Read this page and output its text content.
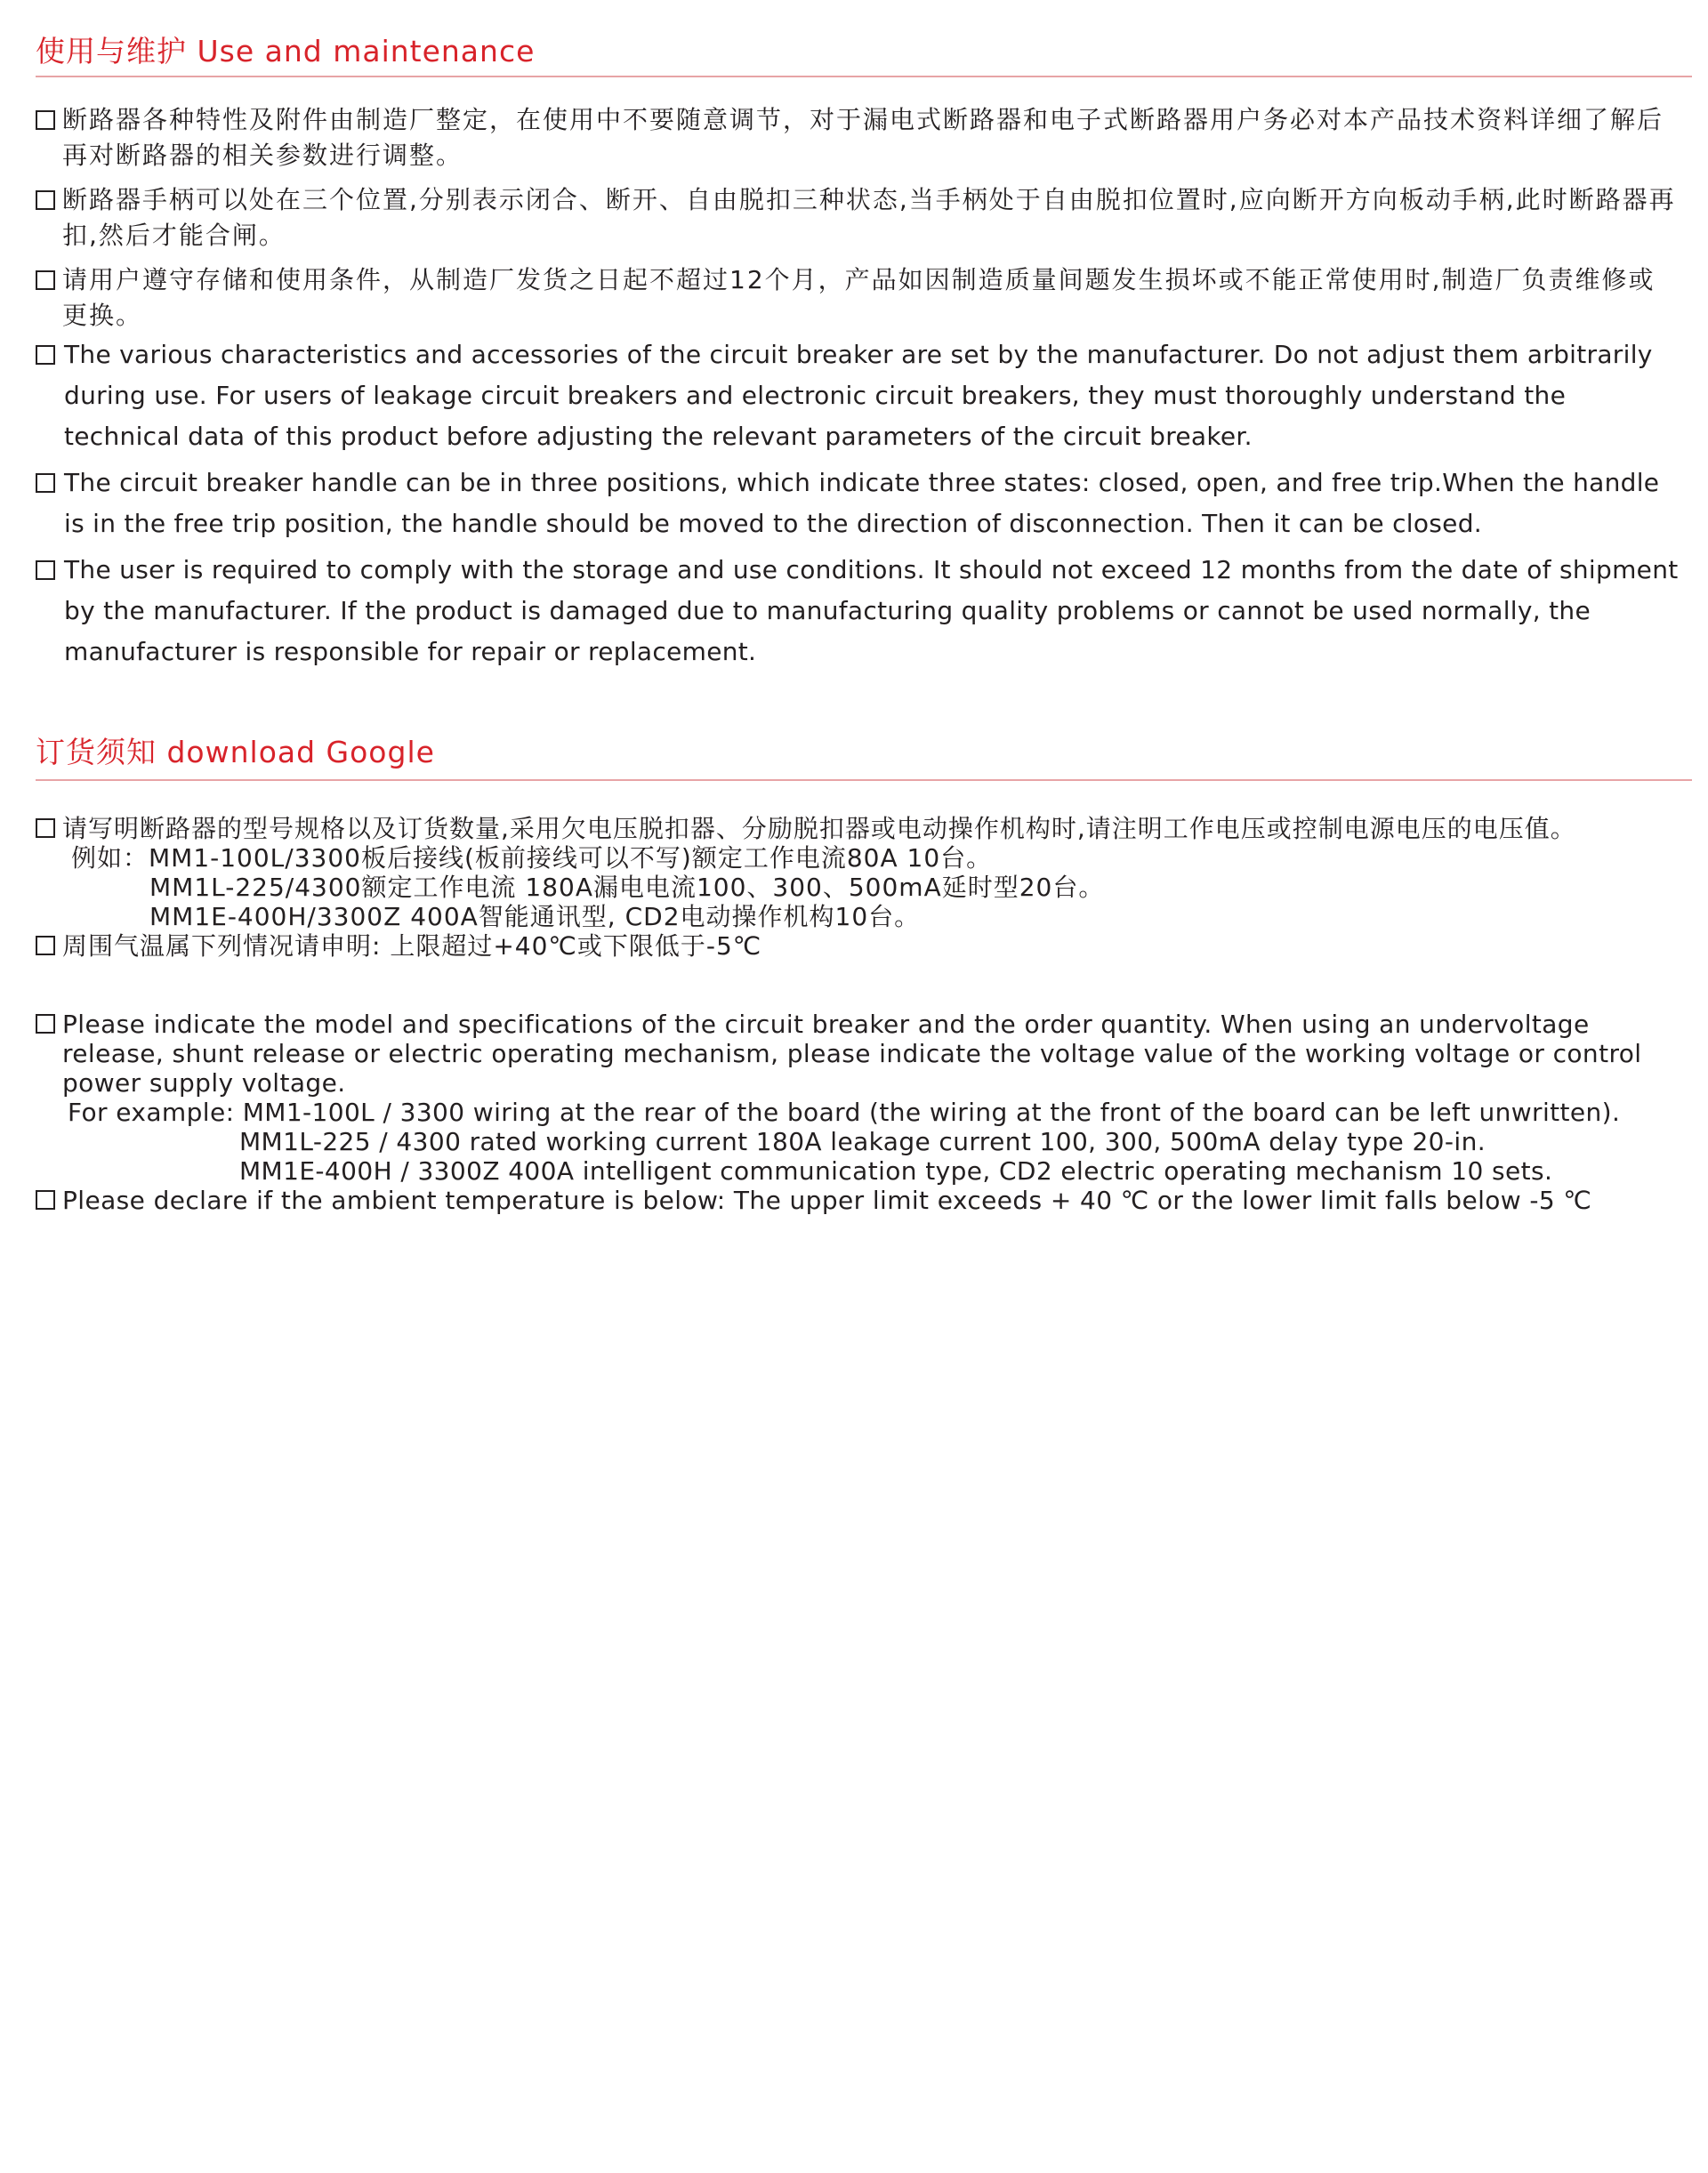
使用与维护 Use and maintenance

断路器各种特性及附件由制造厂整定，在使用中不要随意调节，对于漏电式断路器和电子式断路器用户务必对本产品技术资料详细了解后再对断路器的相关参数进行调整。

断路器手柄可以处在三个位置,分别表示闭合、断开、自由脱扣三种状态,当手柄处于自由脱扣位置时,应向断开方向板动手柄,此时断路器再扣,然后才能合闸。

请用户遵守存储和使用条件，从制造厂发货之日起不超过12个月，产品如因制造质量间题发生损坏或不能正常使用时,制造厂负责维修或更换。

The various characteristics and accessories of the circuit breaker are set by the manufacturer. Do not adjust them arbitrarily during use. For users of leakage circuit breakers and electronic circuit breakers, they must thoroughly understand the technical data of this product before adjusting the relevant parameters of the circuit breaker.

The circuit breaker handle can be in three positions, which indicate three states: closed, open, and free trip.When the handle is in the free trip position, the handle should be moved to the direction of disconnection. Then it can be closed.

The user is required to comply with the storage and use conditions. It should not exceed 12 months from the date of shipment by the manufacturer. If the product is damaged due to manufacturing quality problems or cannot be used normally, the manufacturer is responsible for repair or replacement.

订货须知 download Google

请写明断路器的型号规格以及订货数量,采用欠电压脱扣器、分励脱扣器或电动操作机构时,请注明工作电压或控制电源电压的电压值。

例如：MM1-100L/3300板后接线(板前接线可以不写)额定工作电流80A 10台。

MM1L-225/4300额定工作电流 180A漏电电流100、300、500mA延时型20台。

MM1E-400H/3300Z 400A智能通讯型, CD2电动操作机构10台。

周围气温属下列情况请申明: 上限超过+40℃或下限低于-5℃

Please indicate the model and specifications of the circuit breaker and the order quantity. When using an undervoltage release, shunt release or electric operating mechanism, please indicate the voltage value of the working voltage or control power supply voltage.

For example: MM1-100L / 3300 wiring at the rear of the board (the wiring at the front of the board can be left unwritten).

MM1L-225 / 4300 rated working current 180A leakage current 100, 300, 500mA delay type 20-in.

MM1E-400H / 3300Z 400A intelligent communication type, CD2 electric operating mechanism 10 sets.

Please declare if the ambient temperature is below: The upper limit exceeds + 40 ℃ or the lower limit falls below -5 ℃
